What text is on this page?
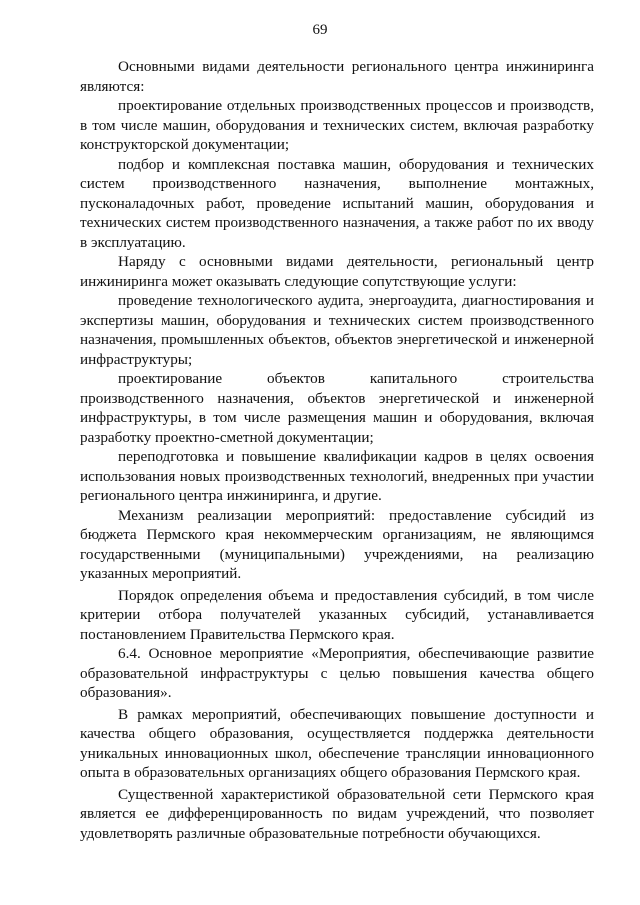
69

Основными видами деятельности регионального центра инжиниринга являются:

проектирование отдельных производственных процессов и производств, в том числе машин, оборудования и технических систем, включая разработку конструкторской документации;

подбор и комплексная поставка машин, оборудования и технических систем производственного назначения, выполнение монтажных, пусконаладочных работ, проведение испытаний машин, оборудования и технических систем производственного назначения, а также работ по их вводу в эксплуатацию.

Наряду с основными видами деятельности, региональный центр инжиниринга может оказывать следующие сопутствующие услуги:

проведение технологического аудита, энергоаудита, диагностирования и экспертизы машин, оборудования и технических систем производственного назначения, промышленных объектов, объектов энергетической и инженерной инфраструктуры;

проектирование объектов капитального строительства производственного назначения, объектов энергетической и инженерной инфраструктуры, в том числе размещения машин и оборудования, включая разработку проектно-сметной документации;

переподготовка и повышение квалификации кадров в целях освоения использования новых производственных технологий, внедренных при участии регионального центра инжиниринга, и другие.

Механизм реализации мероприятий: предоставление субсидий из бюджета Пермского края некоммерческим организациям, не являющимся государственными (муниципальными) учреждениями, на реализацию указанных мероприятий.

Порядок определения объема и предоставления субсидий, в том числе критерии отбора получателей указанных субсидий, устанавливается постановлением Правительства Пермского края.

6.4. Основное мероприятие «Мероприятия, обеспечивающие развитие образовательной инфраструктуры с целью повышения качества общего образования».

В рамках мероприятий, обеспечивающих повышение доступности и качества общего образования, осуществляется поддержка деятельности уникальных инновационных школ, обеспечение трансляции инновационного опыта в образовательных организациях общего образования Пермского края.

Существенной характеристикой образовательной сети Пермского края является ее дифференцированность по видам учреждений, что позволяет удовлетворять различные образовательные потребности обучающихся.
